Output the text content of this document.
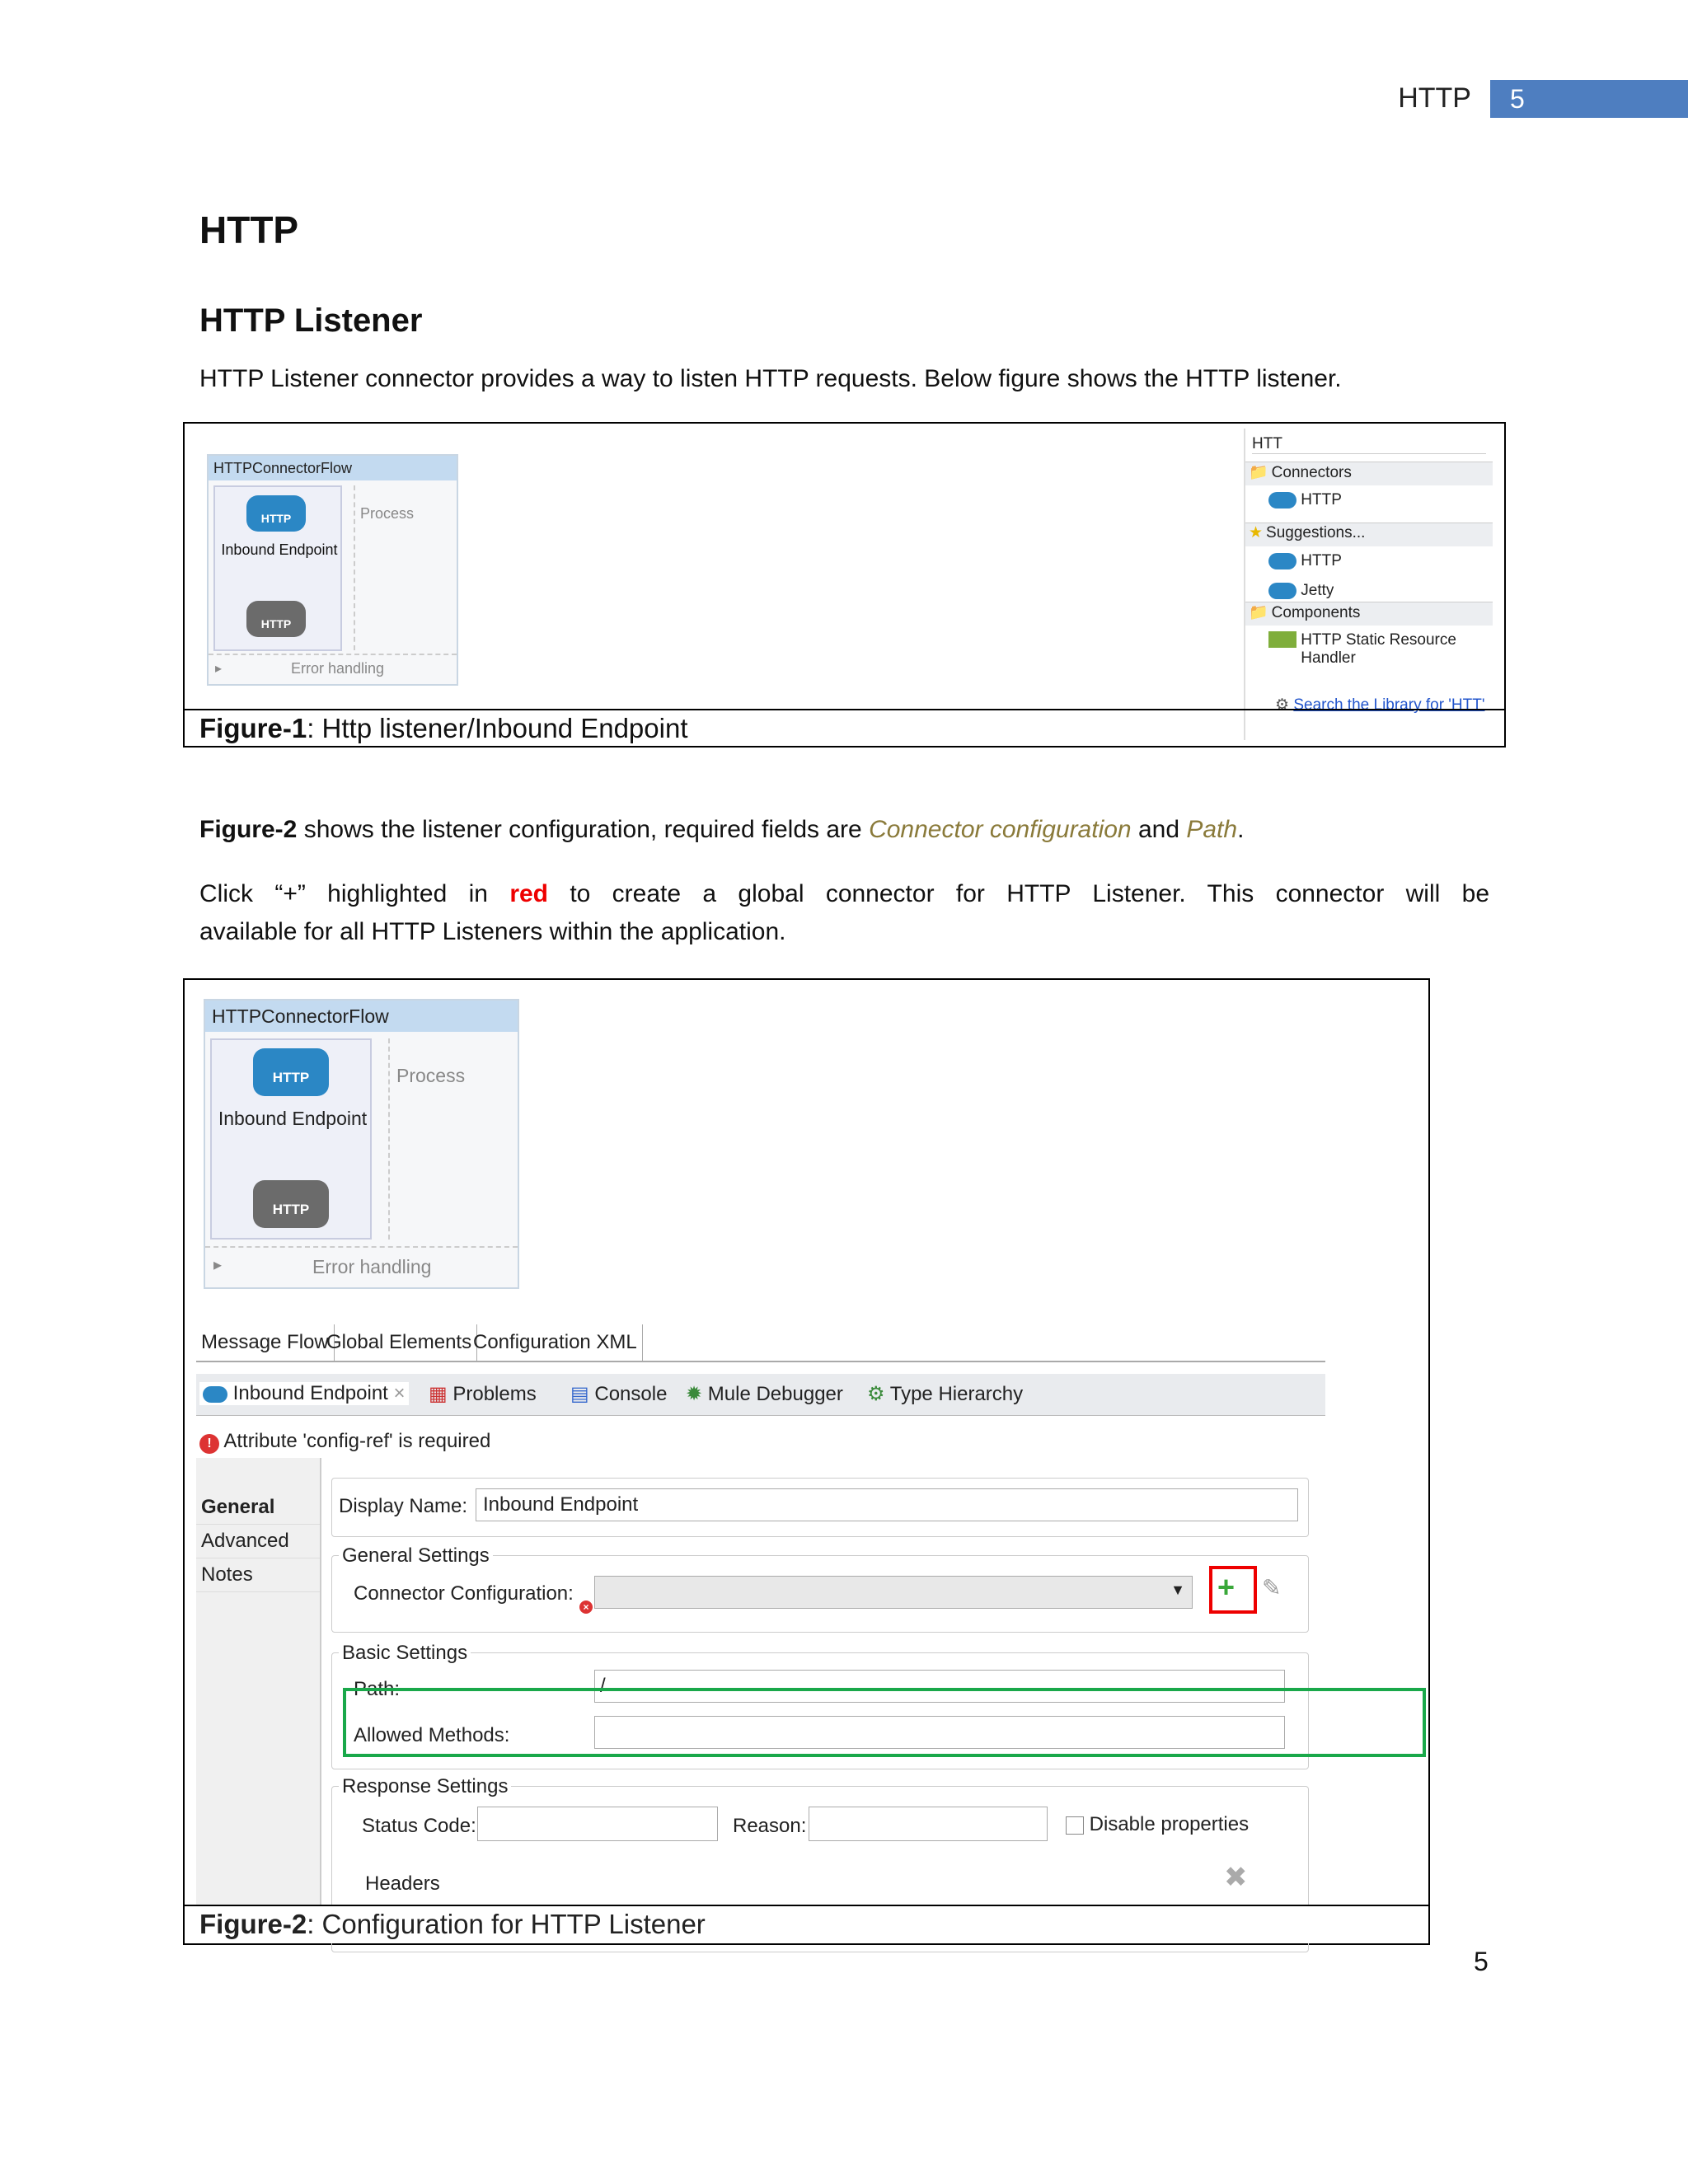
HTTP	5
HTTP
HTTP Listener
HTTP Listener connector provides a way to listen HTTP requests. Below figure shows the HTTP listener.
HTTPConnectorFlow
HTTP
Inbound Endpoint
HTTP
Process
▸	Error handling
HTT
📁 Connectors
HTTP
★ Suggestions...
HTTP
Jetty
📁 Components
HTTP Static Resource Handler
⚙ Search the Library for 'HTT'
Figure-1: Http listener/Inbound Endpoint
Figure-2 shows the listener configuration, required fields are Connector configuration and Path.
Click “+” highlighted in red to create a global connector for HTTP Listener. This connector will be
available for all HTTP Listeners within the application.
HTTPConnectorFlow
HTTP
Inbound Endpoint
HTTP
Process
▸	Error handling
Message Flow
Global Elements Configuration XML
Inbound Endpoint × ▦ Problems ▤ Console ✹ Mule Debugger ⚙ Type Hierarchy
! Attribute 'config-ref' is required
General
Advanced
Notes
Display Name: Inbound Endpoint
General Settings
Connector Configuration:
×
▼ + ✎
Basic Settings
Path:	/
Allowed Methods:
Response Settings
Status Code:	Reason:	Disable properties
Headers	✖
Figure-2: Configuration for HTTP Listener
5
